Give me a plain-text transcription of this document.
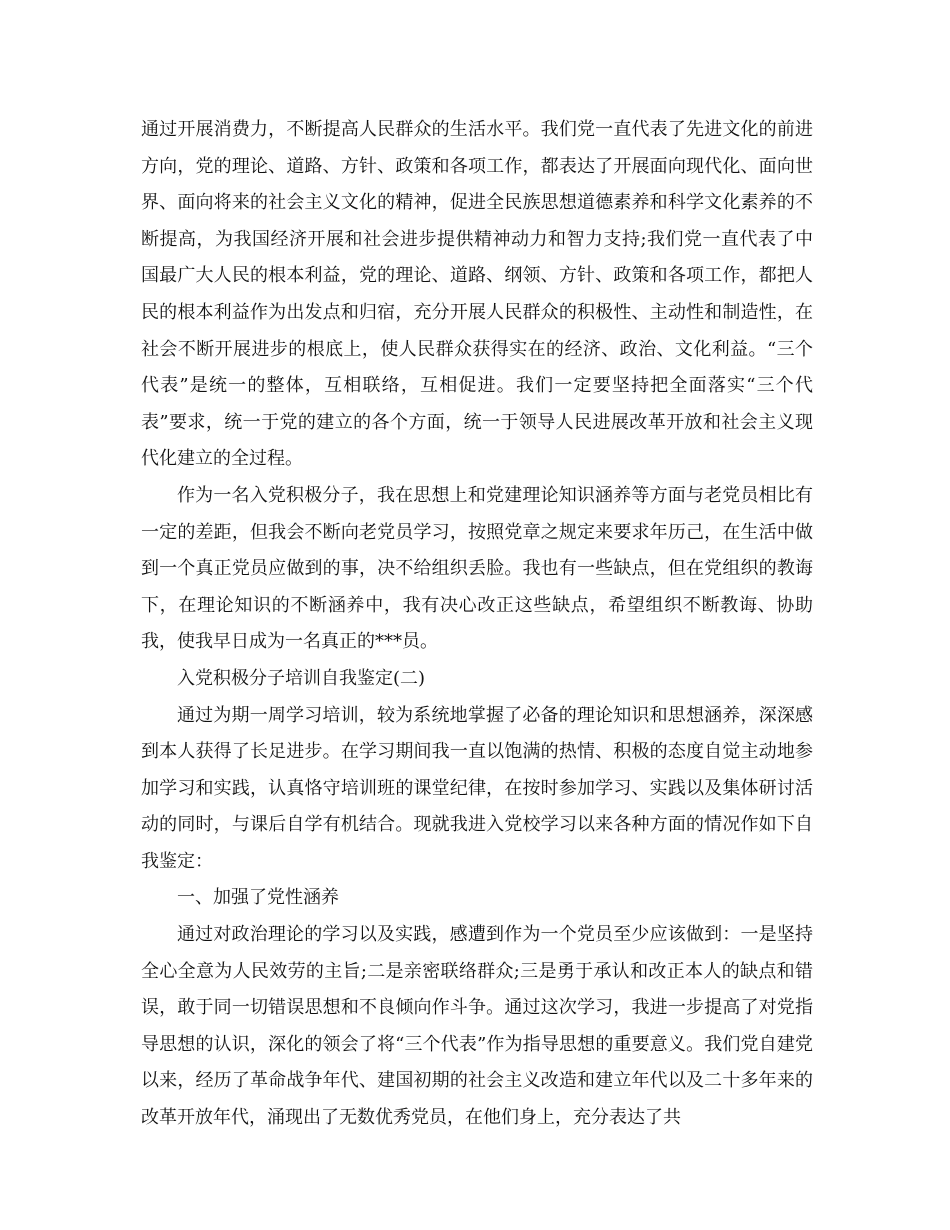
通过开展消费力，不断提高人民群众的生活水平。我们党一直代表了先进文化的前进方向，党的理论、道路、方针、政策和各项工作，都表达了开展面向现代化、面向世界、面向将来的社会主义文化的精神，促进全民族思想道德素养和科学文化素养的不断提高，为我国经济开展和社会进步提供精神动力和智力支持;我们党一直代表了中国最广大人民的根本利益，党的理论、道路、纲领、方针、政策和各项工作，都把人民的根本利益作为出发点和归宿，充分开展人民群众的积极性、主动性和制造性，在社会不断开展进步的根底上，使人民群众获得实在的经济、政治、文化利益。“三个代表”是统一的整体，互相联络，互相促进。我们一定要坚持把全面落实“三个代表”要求，统一于党的建立的各个方面，统一于领导人民进展改革开放和社会主义现代化建立的全过程。

作为一名入党积极分子，我在思想上和党建理论知识涵养等方面与老党员相比有一定的差距，但我会不断向老党员学习，按照党章之规定来要求年历己，在生活中做到一个真正党员应做到的事，决不给组织丢脸。我也有一些缺点，但在党组织的教诲下，在理论知识的不断涵养中，我有决心改正这些缺点，希望组织不断教诲、协助我，使我早日成为一名真正的***员。

入党积极分子培训自我鉴定(二)

通过为期一周学习培训，较为系统地掌握了必备的理论知识和思想涵养，深深感到本人获得了长足进步。在学习期间我一直以饱满的热情、积极的态度自觉主动地参加学习和实践，认真恪守培训班的课堂纪律，在按时参加学习、实践以及集体研讨活动的同时，与课后自学有机结合。现就我进入党校学习以来各种方面的情况作如下自我鉴定：

一、加强了党性涵养

通过对政治理论的学习以及实践，感遭到作为一个党员至少应该做到：一是坚持全心全意为人民效劳的主旨;二是亲密联络群众;三是勇于承认和改正本人的缺点和错误，敢于同一切错误思想和不良倾向作斗争。通过这次学习，我进一步提高了对党指导思想的认识，深化的领会了将“三个代表”作为指导思想的重要意义。我们党自建党以来，经历了革命战争年代、建国初期的社会主义改造和建立年代以及二十多年来的改革开放年代，涌现出了无数优秀党员，在他们身上，充分表达了共
